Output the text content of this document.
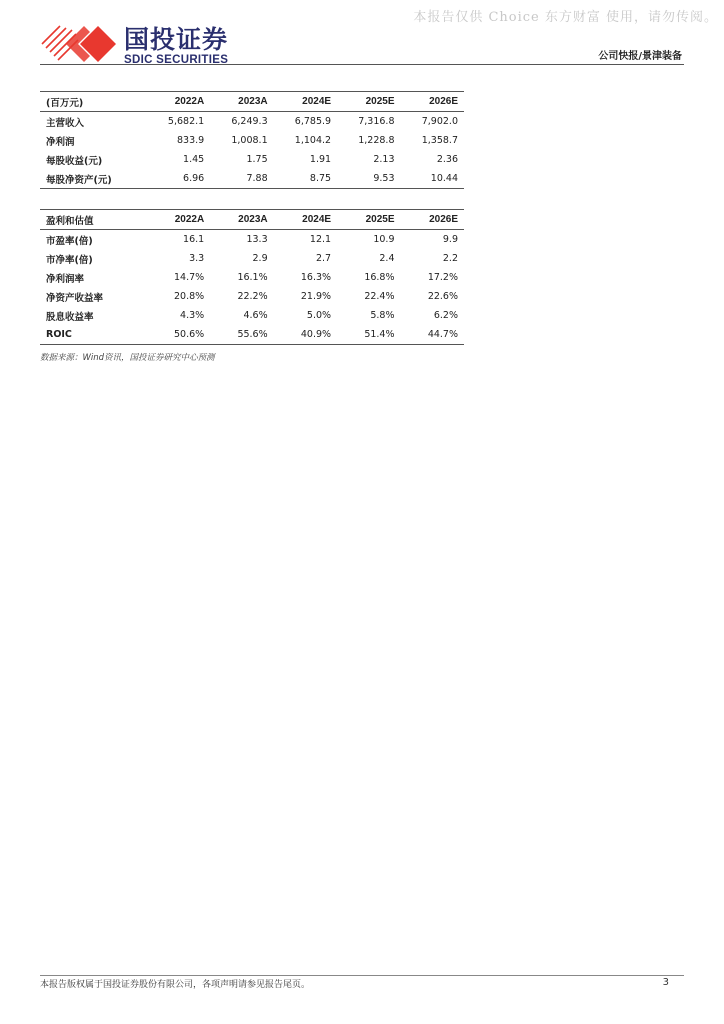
本报告仅供 Choice 东方财富 使用，请勿传阅。
国投证券
SDIC SECURITIES	公司快报/景津装备
(百万元)	2022A	2023A	2024E	2025E	2026E
主营收入	5,682.1	6,249.3	6,785.9	7,316.8	7,902.0
净利润	833.9	1,008.1	1,104.2	1,228.8	1,358.7
每股收益(元)	1.45	1.75	1.91	2.13	2.36
每股净资产(元)	6.96	7.88	8.75	9.53	10.44
盈利和估值	2022A	2023A	2024E	2025E	2026E
市盈率(倍)	16.1	13.3	12.1	10.9	9.9
市净率(倍)	3.3	2.9	2.7	2.4	2.2
净利润率	14.7%	16.1%	16.3%	16.8%	17.2%
净资产收益率	20.8%	22.2%	21.9%	22.4%	22.6%
股息收益率	4.3%	4.6%	5.0%	5.8%	6.2%
ROIC	50.6%	55.6%	40.9%	51.4%	44.7%
数据来源：Wind资讯，国投证券研究中心预测
本报告版权属于国投证券股份有限公司，各项声明请参见报告尾页。	3
